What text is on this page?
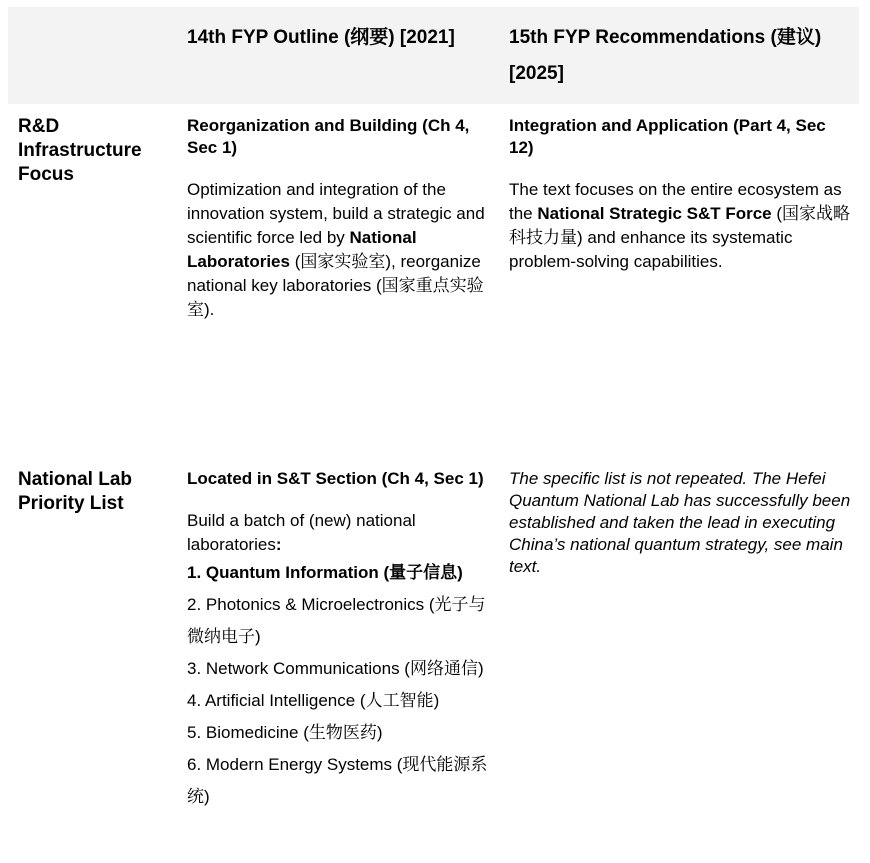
14th FYP Outline (纲要) [2021]	15th FYP Recommendations (建议) [2025]
R&D Infrastructure Focus

Reorganization and Building (Ch 4, Sec 1)

Optimization and integration of the innovation system, build a strategic and scientific force led by National Laboratories (国家实验室), reorganize national key laboratories (国家重点实验室).

Integration and Application (Part 4, Sec 12)

The text focuses on the entire ecosystem as the National Strategic S&T Force (国家战略科技力量) and enhance its systematic problem-solving capabilities.

National Lab Priority List

Located in S&T Section (Ch 4, Sec 1)

Build a batch of (new) national laboratories:

1. Quantum Information (量子信息)
2. Photonics & Microelectronics (光子与微纳电子)
3. Network Communications (网络通信)
4. Artificial Intelligence (人工智能)
5. Biomedicine (生物医药)
6. Modern Energy Systems (现代能源系统)

The specific list is not repeated. The Hefei Quantum National Lab has successfully been established and taken the lead in executing China’s national quantum strategy, see main text.
